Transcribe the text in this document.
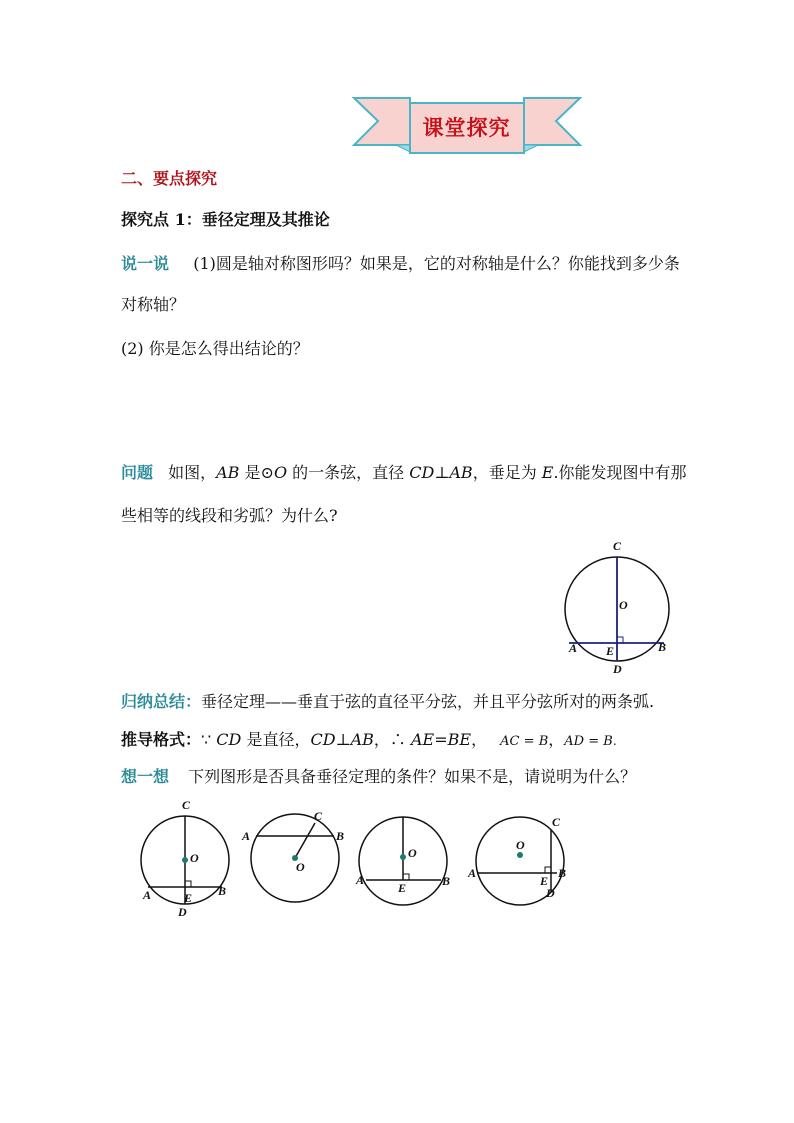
课堂探究
二、要点探究
探究点 1：垂径定理及其推论
说一说 (1)圆是轴对称图形吗？如果是，它的对称轴是什么？你能找到多少条
对称轴？
(2) 你是怎么得出结论的？
问题 如图，AB 是⊙O 的一条弦，直径 CD⊥AB，垂足为 E.你能发现图中有那
些相等的线段和劣弧？为什么?
C
O
A E	B
D
归纳总结：垂径定理——垂直于弦的直径平分弦，并且平分弦所对的两条弧.
推导格式：∵ CD 是直径，CD⊥AB，∴ AE=BE， AC = B，AD = B.
想一想 下列图形是否具备垂径定理的条件？如果不是，请说明为什么？
C
O
A	E B
D
A
C
B
O
O
A
E	B
O
C
A
E
B
D
